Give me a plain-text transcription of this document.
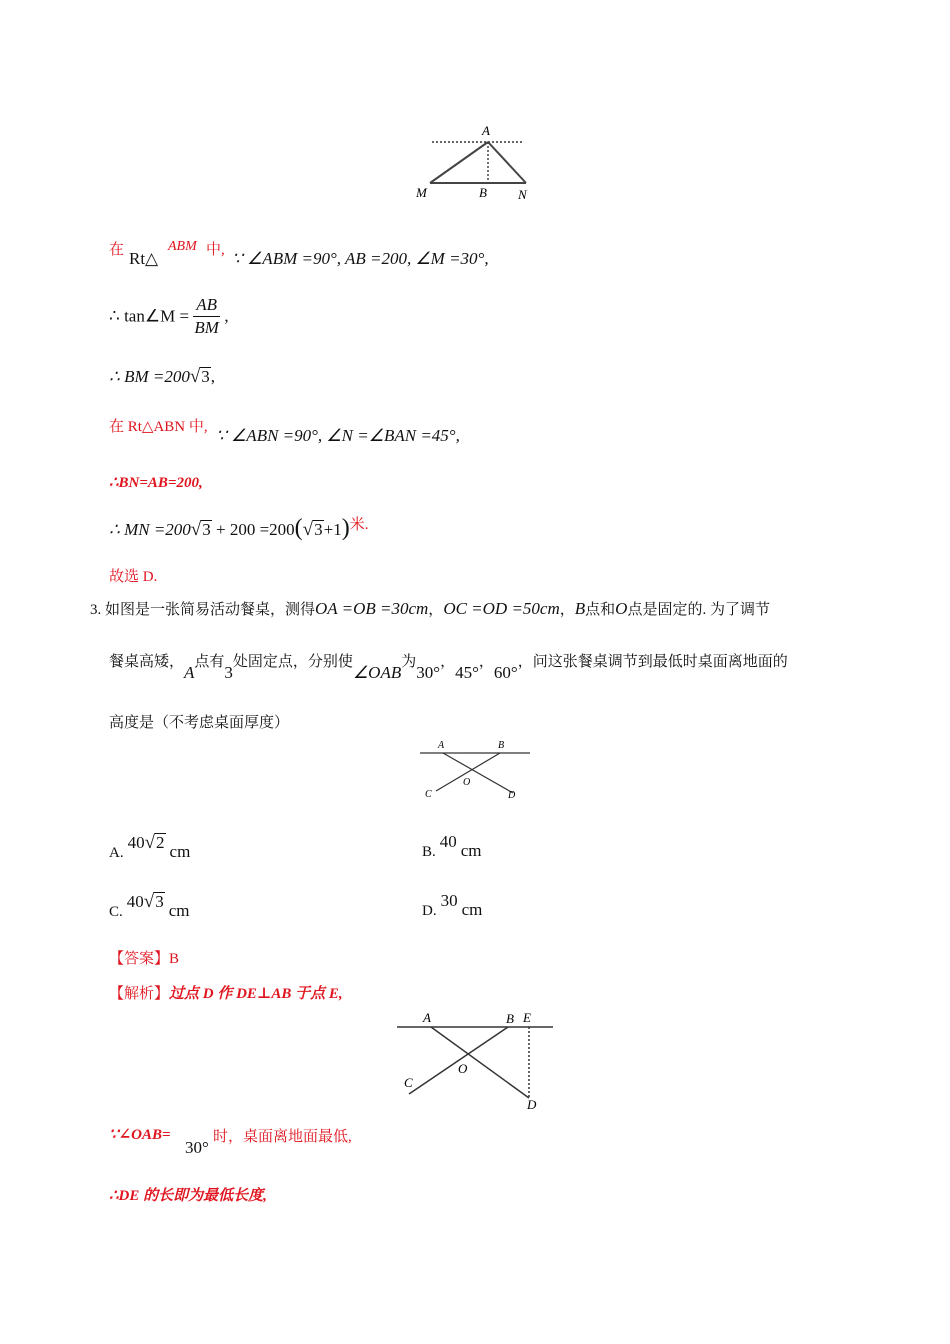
A
M	B N
在 Rt△
ABM 中, ∵ ∠ABM =90°, AB =200, ∠M =30°,
∴ tan∠M = $\frac{AB}{BM}$ ,
∴ BM =200√3,
在 Rt△ABN 中, ∵ ∠ABN =90°, ∠N =∠BAN =45°,
∴BN=AB=200,
∴ MN =200√3 + 200 =200(√3+1)米.
故选 D.
3. 如图是一张简易活动餐桌，测得OA =OB =30cm，OC =OD =50cm，B点和O点是固定的. 为了调节
餐桌高矮，A点有3处固定点，分别使∠OAB为30°，45°，60°，问这张餐桌调节到最低时桌面离地面的
高度是（不考虑桌面厚度）
A	B
O
C	D
A. 40√2 cm	B. 40 cm
C. 40√3 cm	D. 30 cm
【答案】B
【解析】过点 D 作 DE⊥AB 于点 E,
A	B E
O
C
D
∵∠OAB=
30°
时，桌面离地面最低,
∴DE 的长即为最低长度,
